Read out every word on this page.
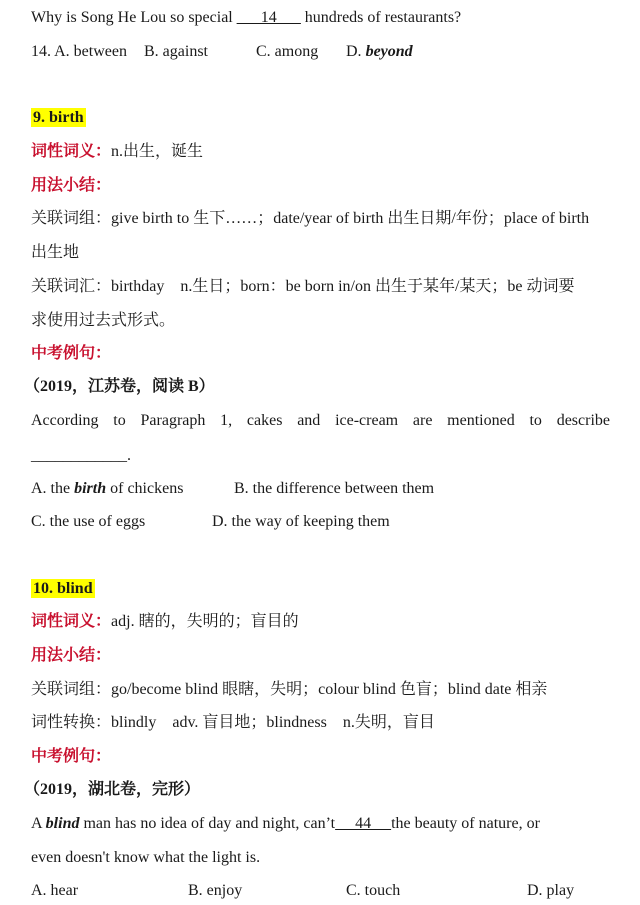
Why is Song He Lou so special ___14___ hundreds of restaurants?
14. A. between B. against	C. among D. beyond
9. birth
词性词义：n.出生，诞生
用法小结：
关联词组：give birth to 生下……；date/year of birth 出生日期/年份；place of birth
出生地
关联词汇：birthday　n.生日；born：be born in/on 出生于某年/某天；be 动词要
求使用过去式形式。
中考例句：
（2019，江苏卷，阅读 B）
According to Paragraph 1, cakes and ice-cream are mentioned to describe
____________.
A. the birth of chickens	B. the difference between them
C. the use of eggs	D. the way of keeping them
10. blind
词性词义：adj. 瞎的，失明的；盲目的
用法小结：
关联词组：go/become blind 眼瞎，失明；colour blind 色盲；blind date 相亲
词性转换：blindly　adv. 盲目地；blindness　n.失明，盲目
中考例句：
（2019，湖北卷，完形）
A blind man has no idea of day and night, can’t     44     the beauty of nature, or
even doesn't know what the light is.
A. hear	B. enjoy	C. touch	D. play
